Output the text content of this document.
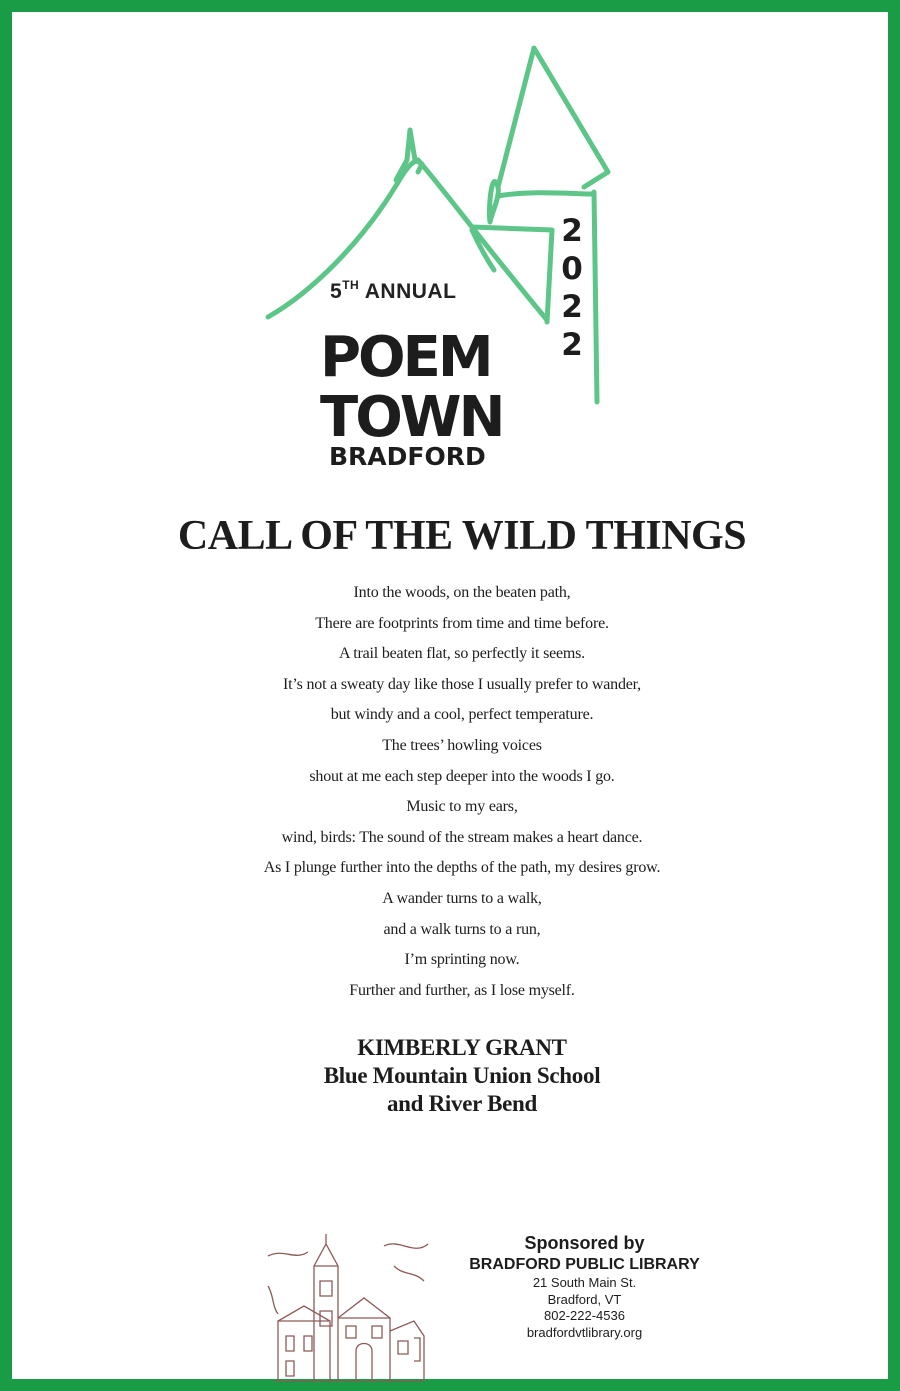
5TH ANNUAL
POEM
TOWN
BRADFORD
2
0
2
2
CALL OF THE WILD THINGS
Into the woods, on the beaten path,
There are footprints from time and time before.
A trail beaten flat, so perfectly it seems.
It’s not a sweaty day like those I usually prefer to wander,
but windy and a cool, perfect temperature.
The trees’ howling voices
shout at me each step deeper into the woods I go.
Music to my ears,
wind, birds: The sound of the stream makes a heart dance.
As I plunge further into the depths of the path, my desires grow.
A wander turns to a walk,
and a walk turns to a run,
I’m sprinting now.
Further and further, as I lose myself.
KIMBERLY GRANT
Blue Mountain Union School
and River Bend
Sponsored by
BRADFORD PUBLIC LIBRARY
21 South Main St.
Bradford, VT
802-222-4536
bradfordvtlibrary.org
